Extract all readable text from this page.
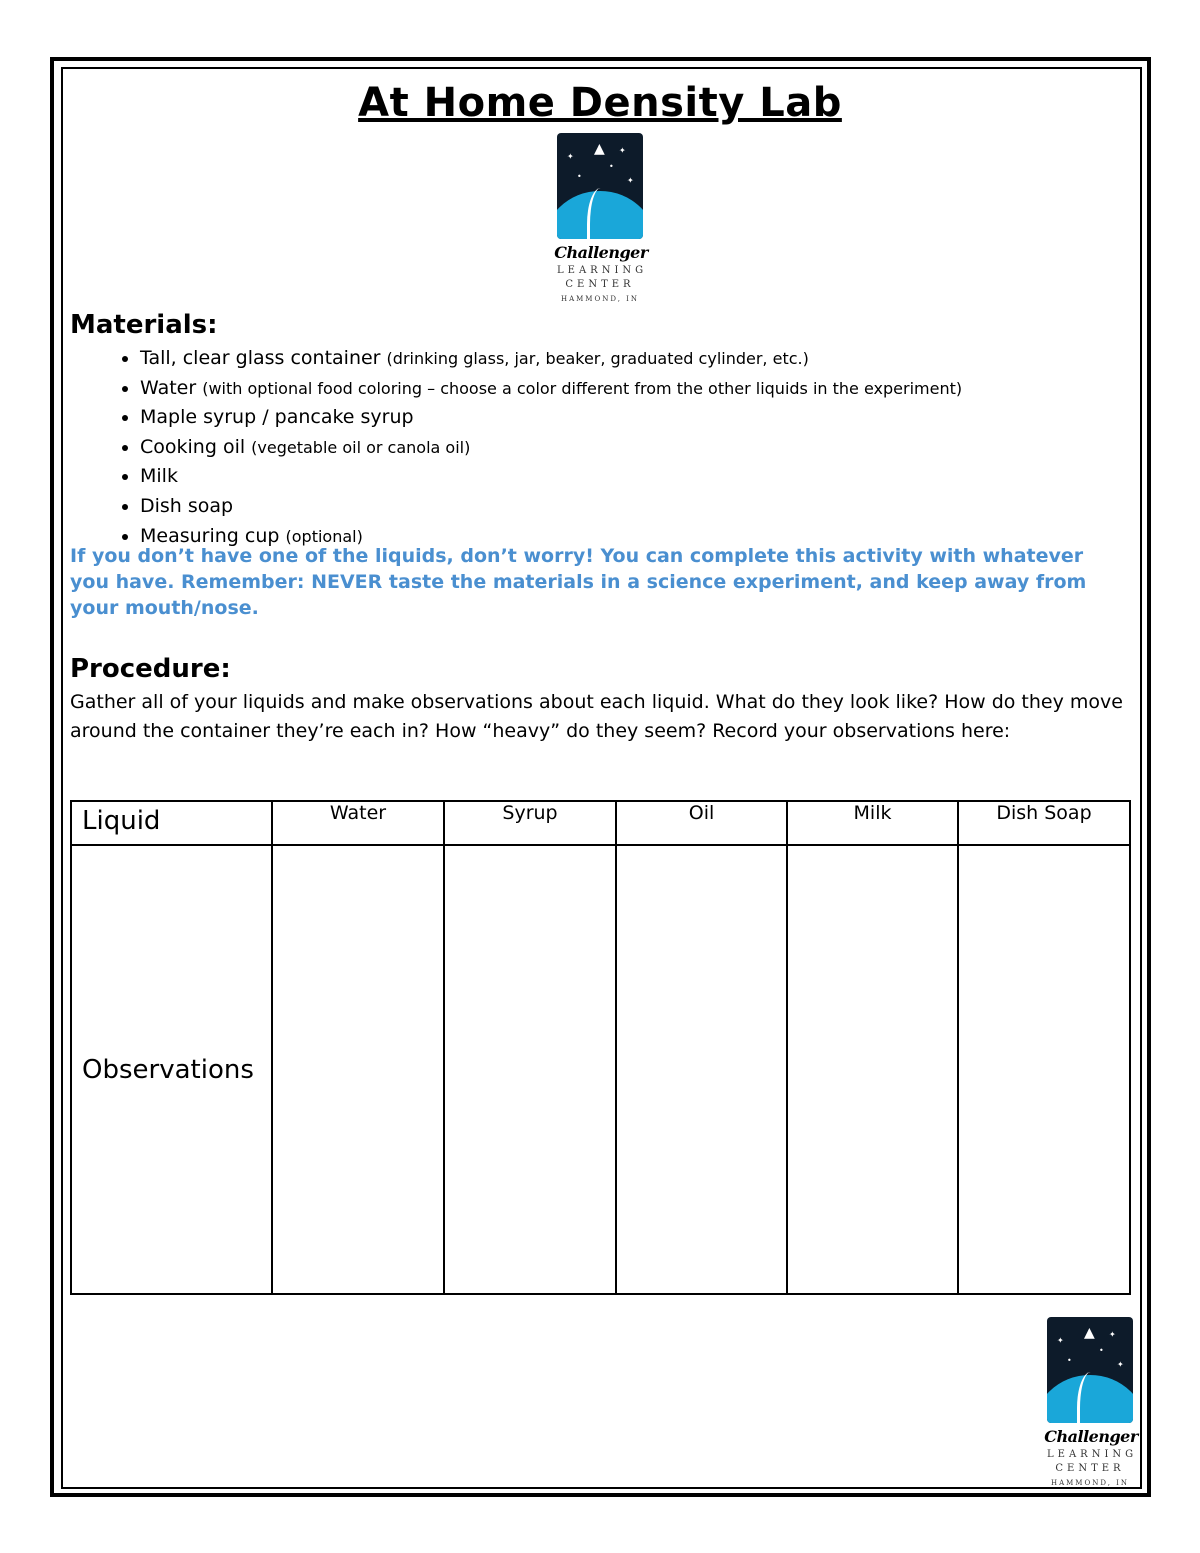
At Home Density Lab
▲
✦
✦
•	✦
•
Challenger
LEARNING
CENTER
HAMMOND, IN
Materials:
• Tall, clear glass container (drinking glass, jar, beaker, graduated cylinder, etc.)
• Water (with optional food coloring – choose a color different from the other liquids in the experiment)
• Maple syrup / pancake syrup
• Cooking oil (vegetable oil or canola oil)
• Milk
• Dish soap
• Measuring cup (optional)
If you don’t have one of the liquids, don’t worry! You can complete this activity with whatever you have. Remember: NEVER taste the materials in a science experiment, and keep away from your mouth/nose.
Procedure:
Gather all of your liquids and make observations about each liquid. What do they look like? How do they move around the container they’re each in? How “heavy” do they seem? Record your observations here:
Liquid	Water	Syrup	Oil	Milk	Dish Soap
Observations					
▲
✦
✦
•	✦
•
Challenger
LEARNING
CENTER
HAMMOND, IN
